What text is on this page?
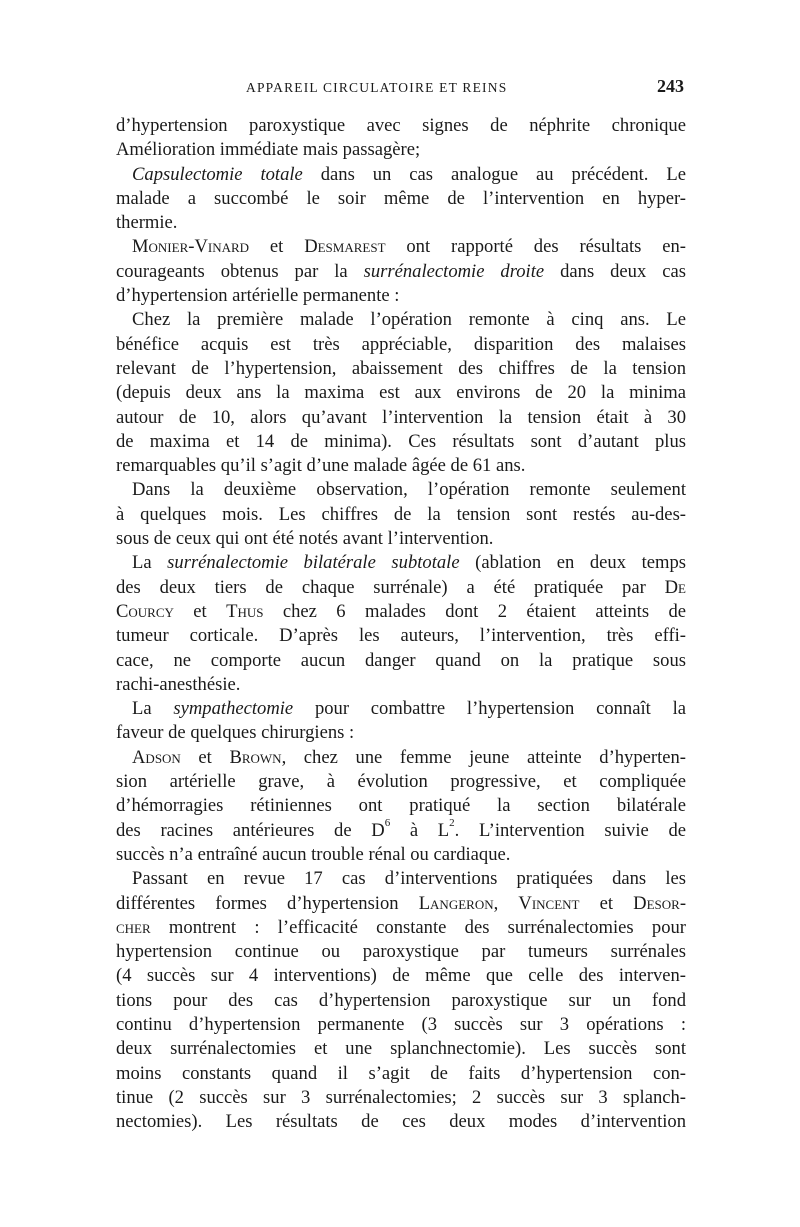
APPAREIL CIRCULATOIRE ET REINS	243
d’hypertension paroxystique avec signes de néphrite chronique
Amélioration immédiate mais passagère;
Capsulectomie totale dans un cas analogue au précédent. Le
malade a succombé le soir même de l’intervention en hyper-
thermie.
Monier-Vinard et Desmarest ont rapporté des résultats en-
courageants obtenus par la surrénalectomie droite dans deux cas
d’hypertension artérielle permanente :
Chez la première malade l’opération remonte à cinq ans. Le
bénéfice acquis est très appréciable, disparition des malaises
relevant de l’hypertension, abaissement des chiffres de la tension
(depuis deux ans la maxima est aux environs de 20 la minima
autour de 10, alors qu’avant l’intervention la tension était à 30
de maxima et 14 de minima). Ces résultats sont d’autant plus
remarquables qu’il s’agit d’une malade âgée de 61 ans.
Dans la deuxième observation, l’opération remonte seulement
à quelques mois. Les chiffres de la tension sont restés au-des-
sous de ceux qui ont été notés avant l’intervention.
La surrénalectomie bilatérale subtotale (ablation en deux temps
des deux tiers de chaque surrénale) a été pratiquée par De
Courcy et Thus chez 6 malades dont 2 étaient atteints de
tumeur corticale. D’après les auteurs, l’intervention, très effi-
cace, ne comporte aucun danger quand on la pratique sous
rachi-anesthésie.
La sympathectomie pour combattre l’hypertension connaît la
faveur de quelques chirurgiens :
Adson et Brown, chez une femme jeune atteinte d’hyperten-
sion artérielle grave, à évolution progressive, et compliquée
d’hémorragies rétiniennes ont pratiqué la section bilatérale
des racines antérieures de $D^6$ à $L^2$. L’intervention suivie de
succès n’a entraîné aucun trouble rénal ou cardiaque.
Passant en revue 17 cas d’interventions pratiquées dans les
différentes formes d’hypertension Langeron, Vincent et Desor-
cher montrent : l’efficacité constante des surrénalectomies pour
hypertension continue ou paroxystique par tumeurs surrénales
(4 succès sur 4 interventions) de même que celle des interven-
tions pour des cas d’hypertension paroxystique sur un fond
continu d’hypertension permanente (3 succès sur 3 opérations :
deux surrénalectomies et une splanchnectomie). Les succès sont
moins constants quand il s’agit de faits d’hypertension con-
tinue (2 succès sur 3 surrénalectomies; 2 succès sur 3 splanch-
nectomies). Les résultats de ces deux modes d’intervention
